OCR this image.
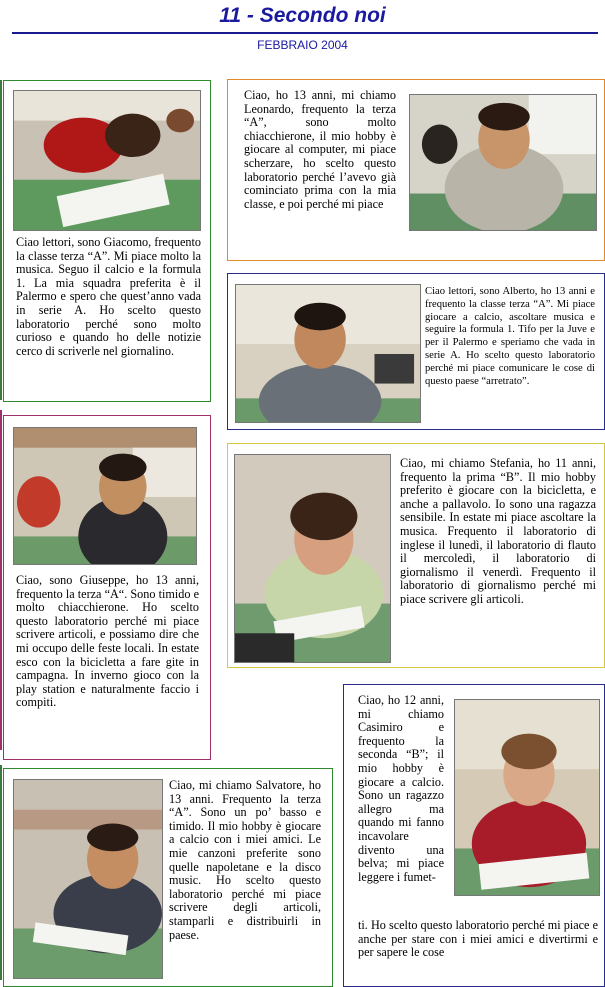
11 - Secondo noi
FEBBRAIO 2004

Ciao lettori, sono Giacomo, frequento la classe terza “A”. Mi piace molto la musica. Seguo il calcio e la formula 1. La mia squadra preferita è il Palermo e spero che quest’anno vada in serie A. Ho scelto questo laboratorio perché sono molto curioso e quando ho delle notizie cerco di scriverle nel giornalino.

Ciao, ho 13 anni, mi chiamo Leonardo, frequento la terza “A”, sono molto chiacchierone, il mio hobby è giocare al computer, mi piace scherzare, ho scelto questo laboratorio perché l’avevo già cominciato prima con la mia classe, e poi perché mi piace

Ciao lettori, sono Alberto, ho 13 anni e frequento la classe terza “A”. Mi piace giocare a calcio, ascoltare musica e seguire la formula 1. Tifo per la Juve e per il Palermo e speriamo che vada in serie A. Ho scelto questo laboratorio perché mi piace comunicare le cose di questo paese “arretrato”.

Ciao, sono Giuseppe, ho 13 anni, frequento la terza “A“. Sono timido e molto chiacchierone. Ho scelto questo laboratorio perché mi piace scrivere articoli, e possiamo dire che mi occupo delle feste locali. In estate esco con la bicicletta a fare gite in campagna. In inverno gioco con la play station e naturalmente faccio i compiti.

Ciao, mi chiamo Stefania, ho 11 anni, frequento la prima “B”. Il mio hobby preferito è giocare con la bicicletta, e anche a pallavolo. Io sono una ragazza sensibile. In estate mi piace ascoltare la musica. Frequento il laboratorio di inglese il lunedì, il laboratorio di flauto il mercoledì, il laboratorio di giornalismo il venerdì. Frequento il laboratorio di giornalismo perché mi piace scrivere gli articoli.

Ciao, mi chiamo Salvatore, ho 13 anni. Frequento la terza “A”. Sono un po’ basso e timido. Il mio hobby è giocare a calcio con i miei amici. Le mie canzoni preferite sono quelle napoletane e la disco music. Ho scelto questo laboratorio perché mi piace scrivere degli articoli, stamparli e distribuirli in paese.

Ciao, ho 12 anni, mi chiamo Casimiro e frequento la seconda “B”; il mio hobby è giocare a calcio. Sono un ragazzo allegro ma quando mi fanno incavolare divento una belva; mi piace leggere i fumet-

ti. Ho scelto questo laboratorio perché mi piace e anche per stare con i miei amici e divertirmi e per sapere le cose
